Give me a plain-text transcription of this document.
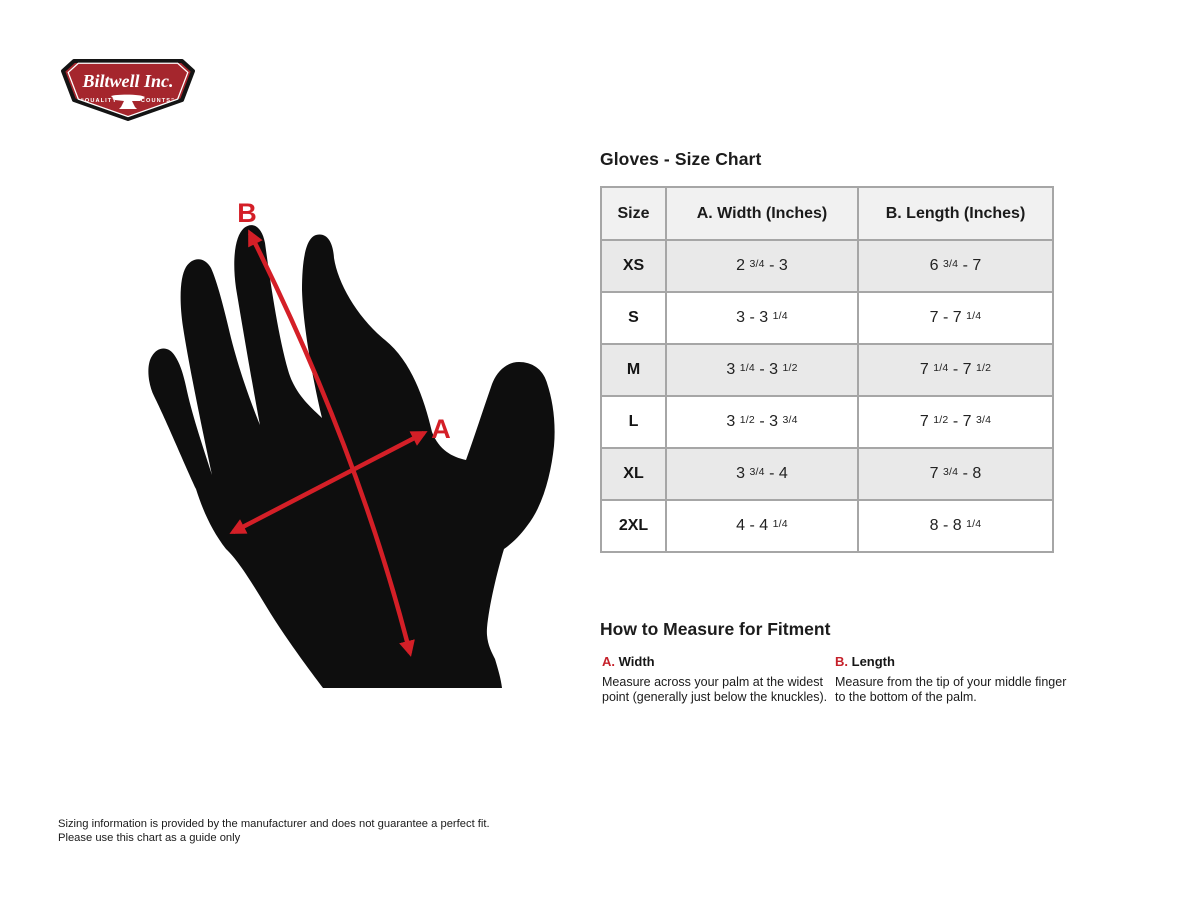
Biltwell Inc.
“QUALITY	COUNTS”
B
A
Gloves - Size Chart
Size	A. Width (Inches)	B. Length (Inches)
XS	2 3/4 - 3	6 3/4 - 7
S	3 - 3 1/4	7 - 7 1/4
M	3 1/4 - 3 1/2	7 1/4 - 7 1/2
L	3 1/2 - 3 3/4	7 1/2 - 7 3/4
XL	3 3/4 - 4	7 3/4 - 8
2XL	4 - 4 1/4	8 - 8 1/4
How to Measure for Fitment
A. Width
Measure across your palm at the widest point (generally just below the knuckles).
B. Length
Measure from the tip of your middle finger to the bottom of the palm.
Sizing information is provided by the manufacturer and does not guarantee a perfect fit.
Please use this chart as a guide only
